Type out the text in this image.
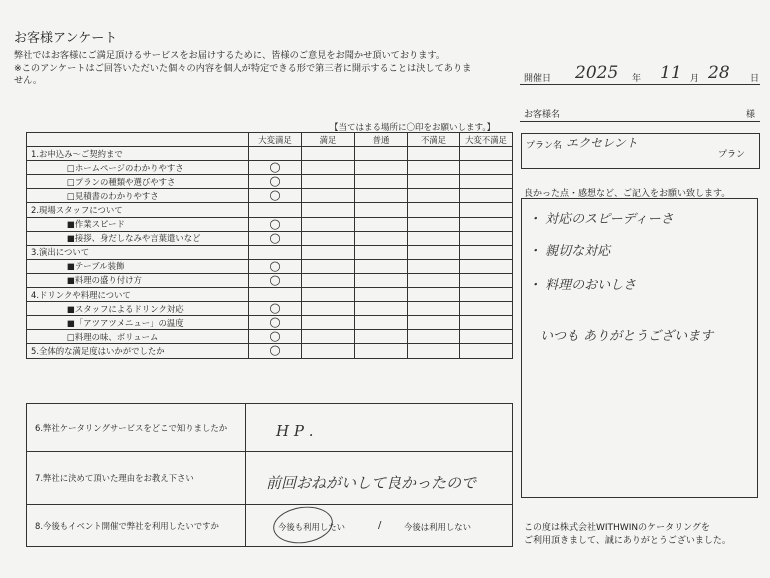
お客様アンケート
弊社ではお客様にご満足頂けるサービスをお届けするために、皆様のご意見をお聞かせ頂いております。
※このアンケートはご回答いただいた個々の内容を個人が特定できる形で第三者に開示することは決してありま
せん。	開催日 2025 年 11 月 28 日
お客様名	様
プラン名 エクセレント
プラン
【当てはまる場所に〇印をお願いします。】
	大変満足	満足	普通	不満足	大変不満足
1.お申込み～ご契約まで					
□ホームページのわかりやすさ	○				
□プランの種類や選びやすさ	○				
□見積書のわかりやすさ	○				
2.現場スタッフについて					
■作業スピード	○				
■接拶、身だしなみや言葉遣いなど	○				
3.演出について					
■テーブル装飾	○				
■料理の盛り付け方	○				
4.ドリンクや料理について					
■スタッフによるドリンク対応	○				
■「アツアツメニュー」の温度	○				
□料理の味、ボリューム	○				
5.全体的な満足度はいかがでしたか	○				
6.弊社ケータリングサービスをどこで知りましたか	H P .

7.弊社に決めて頂いた理由をお教え下さい	前回おねがいして良かったので

8.今後もイベント開催で弊社を利用したいですか	今後も利用したい / 今後は利用しない
良かった点・感想など、ご記入をお願い致します。
・ 対応のスピーディーさ
・ 親切な対応
・ 料理のおいしさ
いつも ありがとうございます
この度は株式会社WITHWINのケータリングを
ご利用頂きまして、誠にありがとうございました。
